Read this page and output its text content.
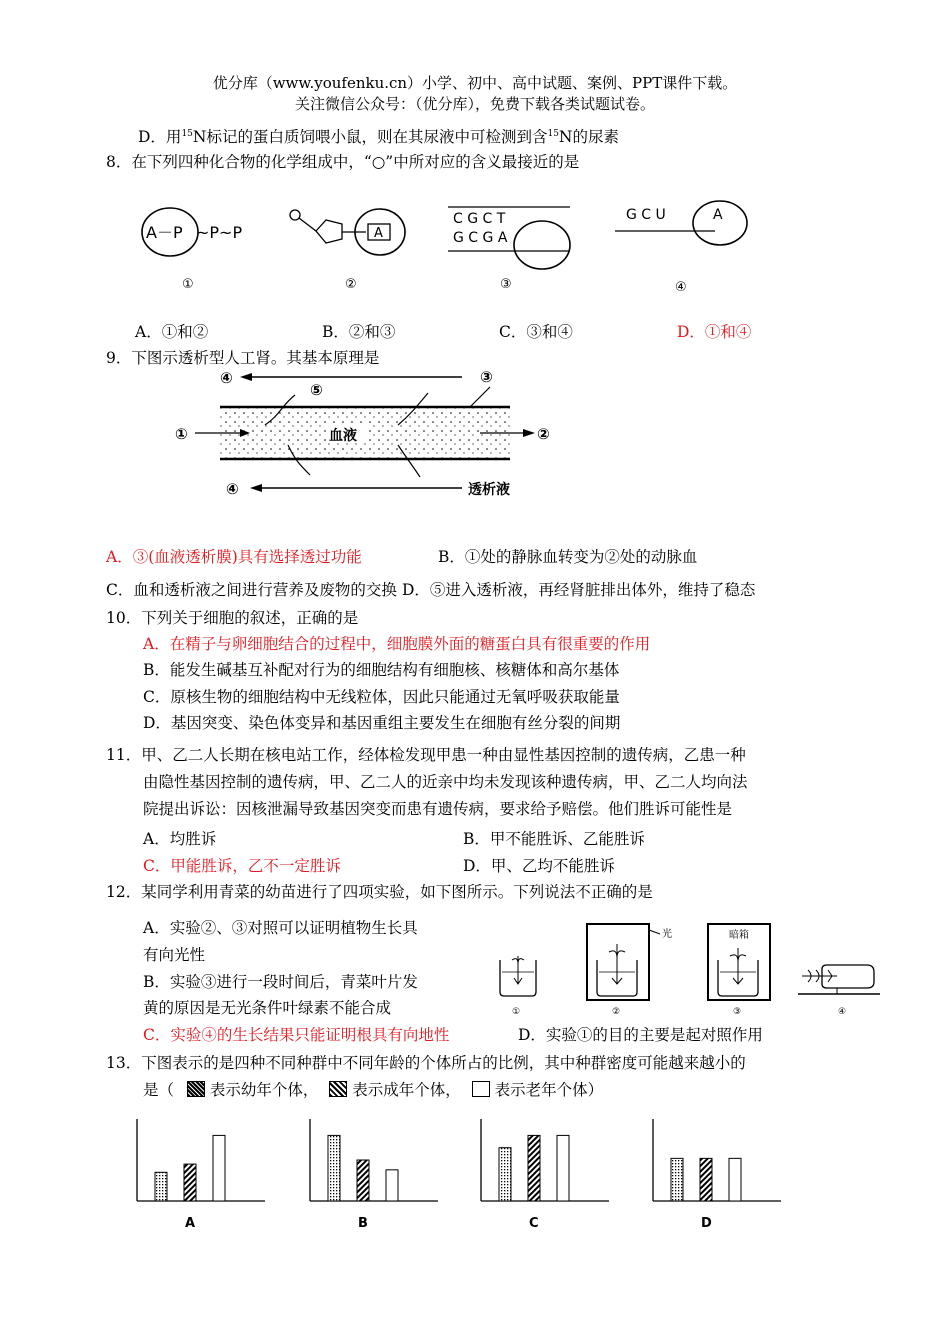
优分库（www.youfenku.cn）小学、初中、高中试题、案例、PPT课件下载。
关注微信公众号：（优分库），免费下载各类试题试卷。
D．用$^{15}$N标记的蛋白质饲喂小鼠，则在其尿液中可检测到含$^{15}$N的尿素
8．在下列四种化合物的化学组成中，“○”中所对应的含义最接近的是
A－P ~P~P
①
A
②
C G C T
G C G A
③
G C U	A
④
A．①和②	B．②和③	C．③和④	D．①和④
9．下图示透析型人工肾。其基本原理是
④	③
⑤
①	血液	②
④	透析液
A．③(血液透析膜)具有选择透过功能	B．①处的静脉血转变为②处的动脉血
C．血和透析液之间进行营养及废物的交换 D．⑤进入透析液，再经肾脏排出体外，维持了稳态
10．下列关于细胞的叙述，正确的是
A．在精子与卵细胞结合的过程中，细胞膜外面的糖蛋白具有很重要的作用
B．能发生碱基互补配对行为的细胞结构有细胞核、核糖体和高尔基体
C．原核生物的细胞结构中无线粒体，因此只能通过无氧呼吸获取能量
D．基因突变、染色体变异和基因重组主要发生在细胞有丝分裂的间期
11．甲、乙二人长期在核电站工作，经体检发现甲患一种由显性基因控制的遗传病，乙患一种
由隐性基因控制的遗传病，甲、乙二人的近亲中均未发现该种遗传病，甲、乙二人均向法
院提出诉讼：因核泄漏导致基因突变而患有遗传病，要求给予赔偿。他们胜诉可能性是
A．均胜诉	B．甲不能胜诉、乙能胜诉
C．甲能胜诉，乙不一定胜诉	D．甲、乙均不能胜诉
12．某同学利用青菜的幼苗进行了四项实验，如下图所示。下列说法不正确的是
A．实验②、③对照可以证明植物生长具
有向光性
B．实验③进行一段时间后，青菜叶片发
黄的原因是无光条件叶绿素不能合成
C．实验④的生长结果只能证明根具有向地性	D．实验①的目的主要是起对照作用
①
光
②
暗箱
③	④
13．下图表示的是四种不同种群中不同年龄的个体所占的比例，其中种群密度可能越来越小的
是（ 表示幼年个体， 表示成年个体， 表示老年个体）
A	B	C	D
